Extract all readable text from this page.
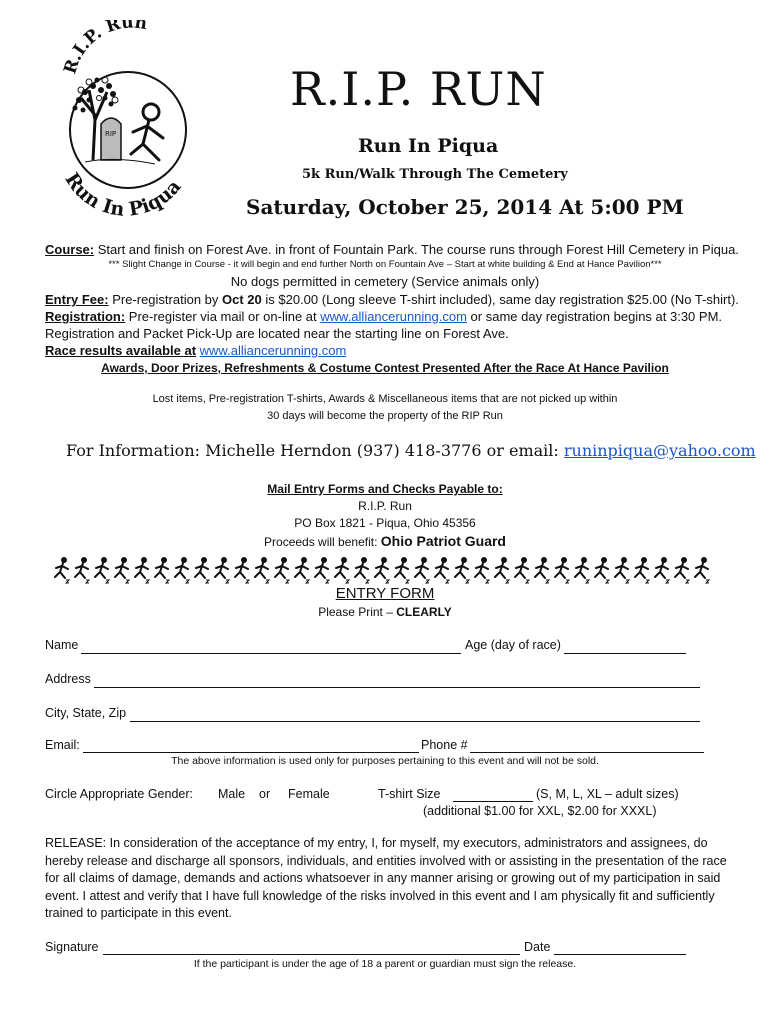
R.I.P. Run
Run In Piqua
RIP
R.I.P. RUN
Run In Piqua
5k Run/Walk Through The Cemetery
Saturday, October 25, 2014 At 5:00 PM
Course: Start and finish on Forest Ave. in front of Fountain Park. The course runs through Forest Hill Cemetery in Piqua.
*** Slight Change in Course - it will begin and end further North on Fountain Ave – Start at white building & End at Hance Pavilion***
No dogs permitted in cemetery (Service animals only)
Entry Fee: Pre-registration by Oct 20 is $20.00 (Long sleeve T-shirt included), same day registration $25.00 (No T-shirt).
Registration: Pre-register via mail or on-line at www.alliancerunning.com or same day registration begins at 3:30 PM.
Registration and Packet Pick-Up are located near the starting line on Forest Ave.
Race results available at www.alliancerunning.com
Awards, Door Prizes, Refreshments & Costume Contest Presented After the Race At Hance Pavilion
Lost items, Pre-registration T-shirts, Awards & Miscellaneous items that are not picked up within
30 days will become the property of the RIP Run
For Information: Michelle Herndon (937) 418-3776 or email: runinpiqua@yahoo.com
Mail Entry Forms and Checks Payable to:
R.I.P. Run
PO Box 1821 - Piqua, Ohio 45356
Proceeds will benefit: Ohio Patriot Guard
ENTRY FORM
Please Print – CLEARLY
Name	Age (day of race)
Address
City, State, Zip
Email:	Phone #
The above information is used only for purposes pertaining to this event and will not be sold.
Circle Appropriate Gender: Male or Female	T-shirt Size	(S, M, L, XL – adult sizes)
(additional $1.00 for XXL, $2.00 for XXXL)
RELEASE: In consideration of the acceptance of my entry, I, for myself, my executors, administrators and assignees, do hereby release and discharge all sponsors, individuals, and entities involved with or assisting in the presentation of the race for all claims of damage, demands and actions whatsoever in any manner arising or growing out of my participation in said event. I attest and verify that I have full knowledge of the risks involved in this event and I am physically fit and sufficiently trained to participate in this event.
Signature	Date
If the participant is under the age of 18 a parent or guardian must sign the release.
